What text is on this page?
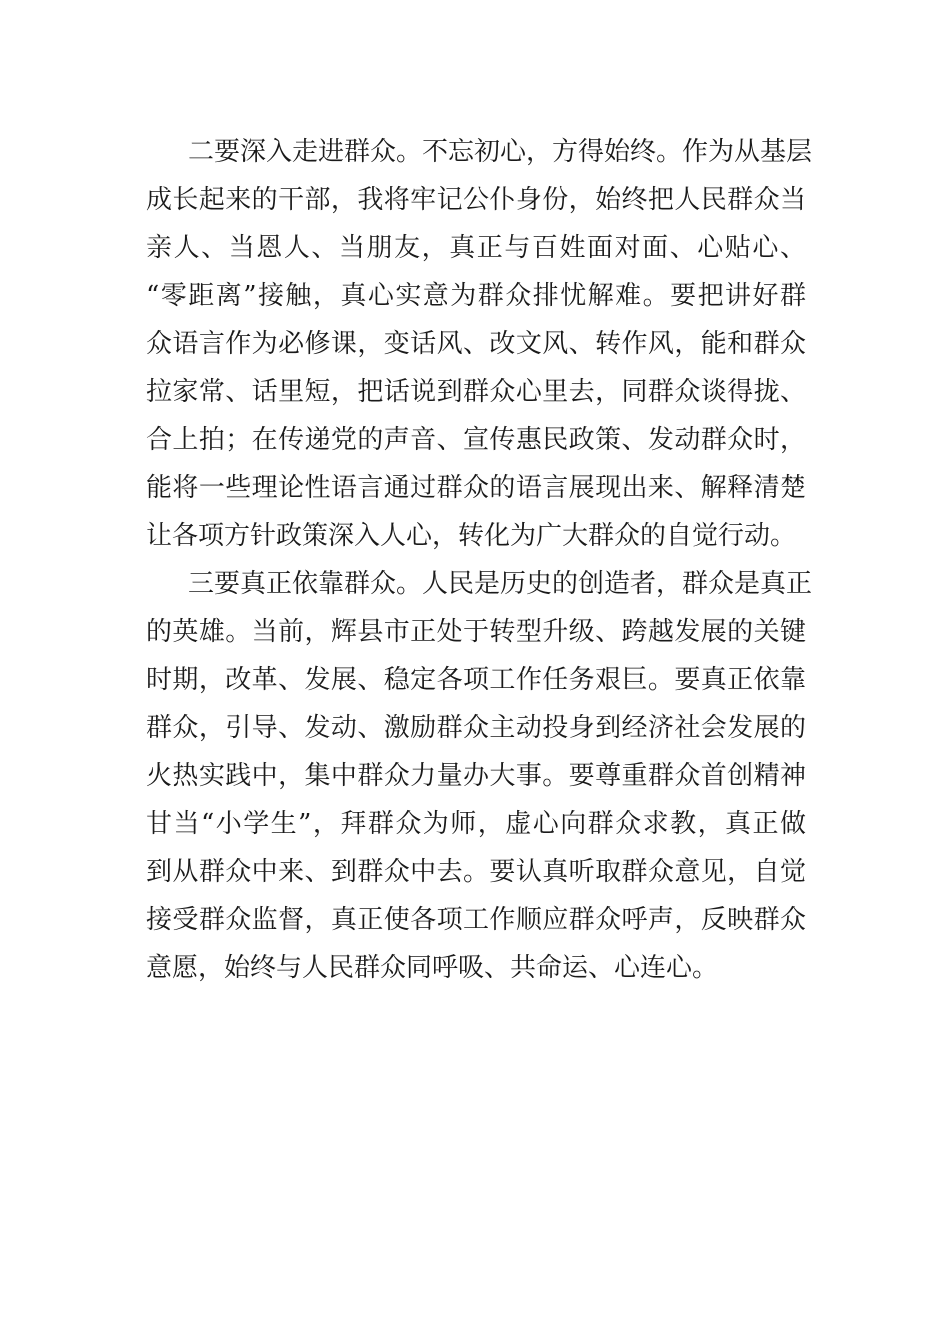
二要深入走进群众。不忘初心，方得始终。作为从基层
成长起来的干部，我将牢记公仆身份，始终把人民群众当
亲人、当恩人、当朋友，真正与百姓面对面、心贴心、
“零距离”接触，真心实意为群众排忧解难。要把讲好群
众语言作为必修课，变话风、改文风、转作风，能和群众
拉家常、话里短，把话说到群众心里去，同群众谈得拢、
合上拍；在传递党的声音、宣传惠民政策、发动群众时，
能将一些理论性语言通过群众的语言展现出来、解释清楚
让各项方针政策深入人心，转化为广大群众的自觉行动。
三要真正依靠群众。人民是历史的创造者，群众是真正
的英雄。当前，辉县市正处于转型升级、跨越发展的关键
时期，改革、发展、稳定各项工作任务艰巨。要真正依靠
群众，引导、发动、激励群众主动投身到经济社会发展的
火热实践中，集中群众力量办大事。要尊重群众首创精神
甘当“小学生”，拜群众为师，虚心向群众求教，真正做
到从群众中来、到群众中去。要认真听取群众意见，自觉
接受群众监督，真正使各项工作顺应群众呼声，反映群众
意愿，始终与人民群众同呼吸、共命运、心连心。
